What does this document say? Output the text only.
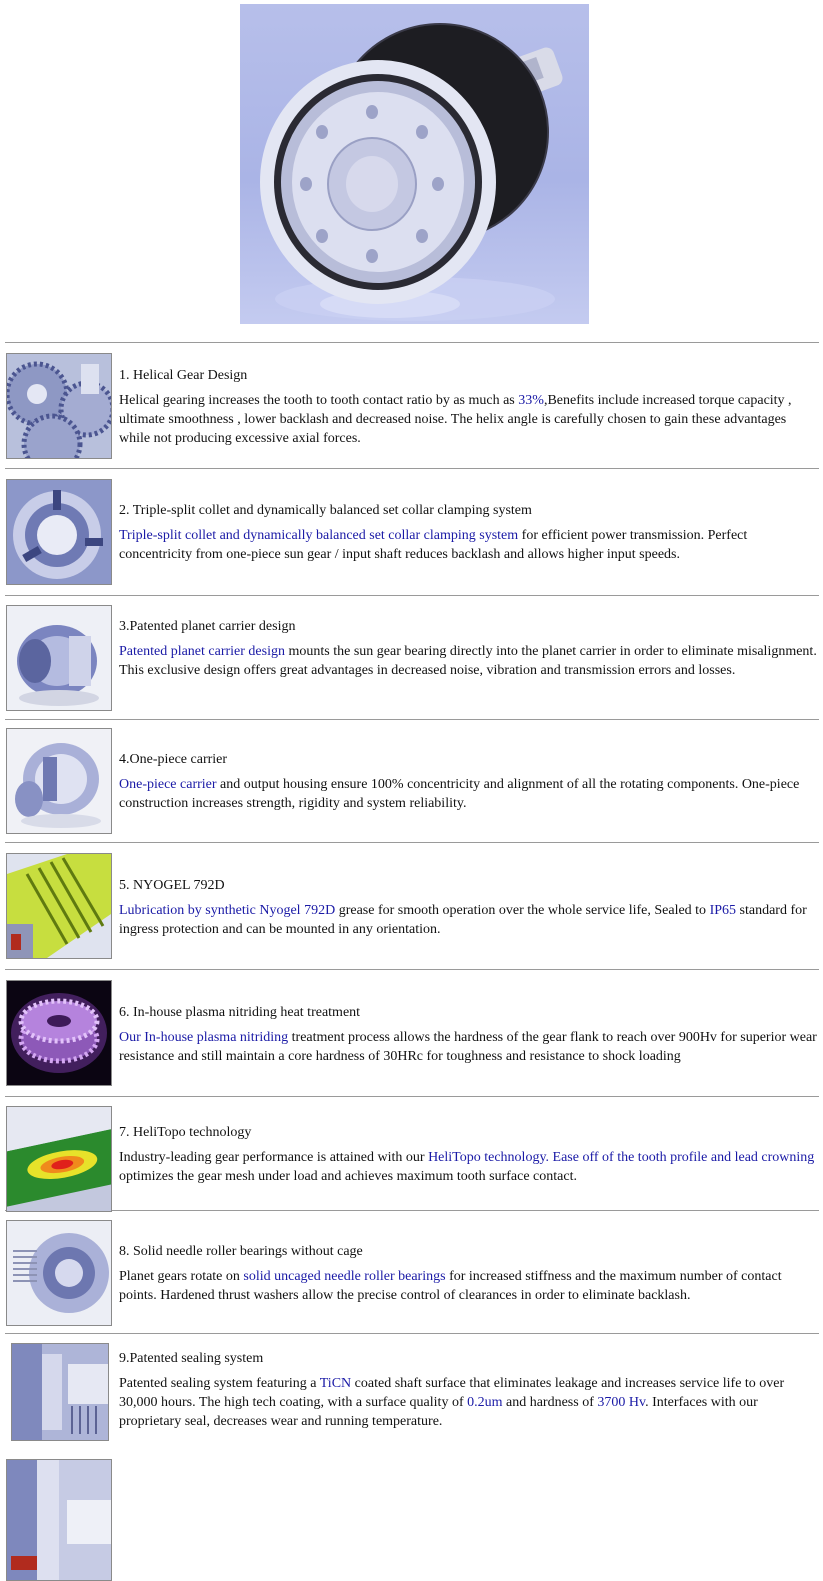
1. Helical Gear Design

Helical gearing increases the tooth to tooth contact ratio by as much as 33%,Benefits include increased torque capacity , ultimate smoothness , lower backlash and decreased noise. The helix angle is carefully chosen to gain these advantages while not producing excessive axial forces.

2. Triple-split collet and dynamically balanced set collar clamping system

Triple-split collet and dynamically balanced set collar clamping system for efficient power transmission. Perfect concentricity from one-piece sun gear / input shaft reduces backlash and allows higher input speeds.

3.Patented planet carrier design

Patented planet carrier design mounts the sun gear bearing directly into the planet carrier in order to eliminate misalignment. This exclusive design offers great advantages in decreased noise, vibration and transmission errors and losses.

4.One-piece carrier

One-piece carrier and output housing ensure 100% concentricity and alignment of all the rotating components. One-piece construction increases strength, rigidity and system reliability.

5. NYOGEL 792D

Lubrication by synthetic Nyogel 792D grease for smooth operation over the whole service life, Sealed to IP65 standard for ingress protection and can be mounted in any orientation.

6. In-house plasma nitriding heat treatment

Our In-house plasma nitriding treatment process allows the hardness of the gear flank to reach over 900Hv for superior wear resistance and still maintain a core hardness of 30HRc for toughness and resistance to shock loading

7. HeliTopo technology

Industry-leading gear performance is attained with our HeliTopo technology. Ease off of the tooth profile and lead crowning optimizes the gear mesh under load and achieves maximum tooth surface contact.

8. Solid needle roller bearings without cage

Planet gears rotate on solid uncaged needle roller bearings for increased stiffness and the maximum number of contact points. Hardened thrust washers allow the precise control of clearances in order to eliminate backlash.

9.Patented sealing system

Patented sealing system featuring a TiCN coated shaft surface that eliminates leakage and increases service life to over 30,000 hours. The high tech coating, with a surface quality of 0.2um and hardness of 3700 Hv. Interfaces with our proprietary seal, decreases wear and running temperature.
